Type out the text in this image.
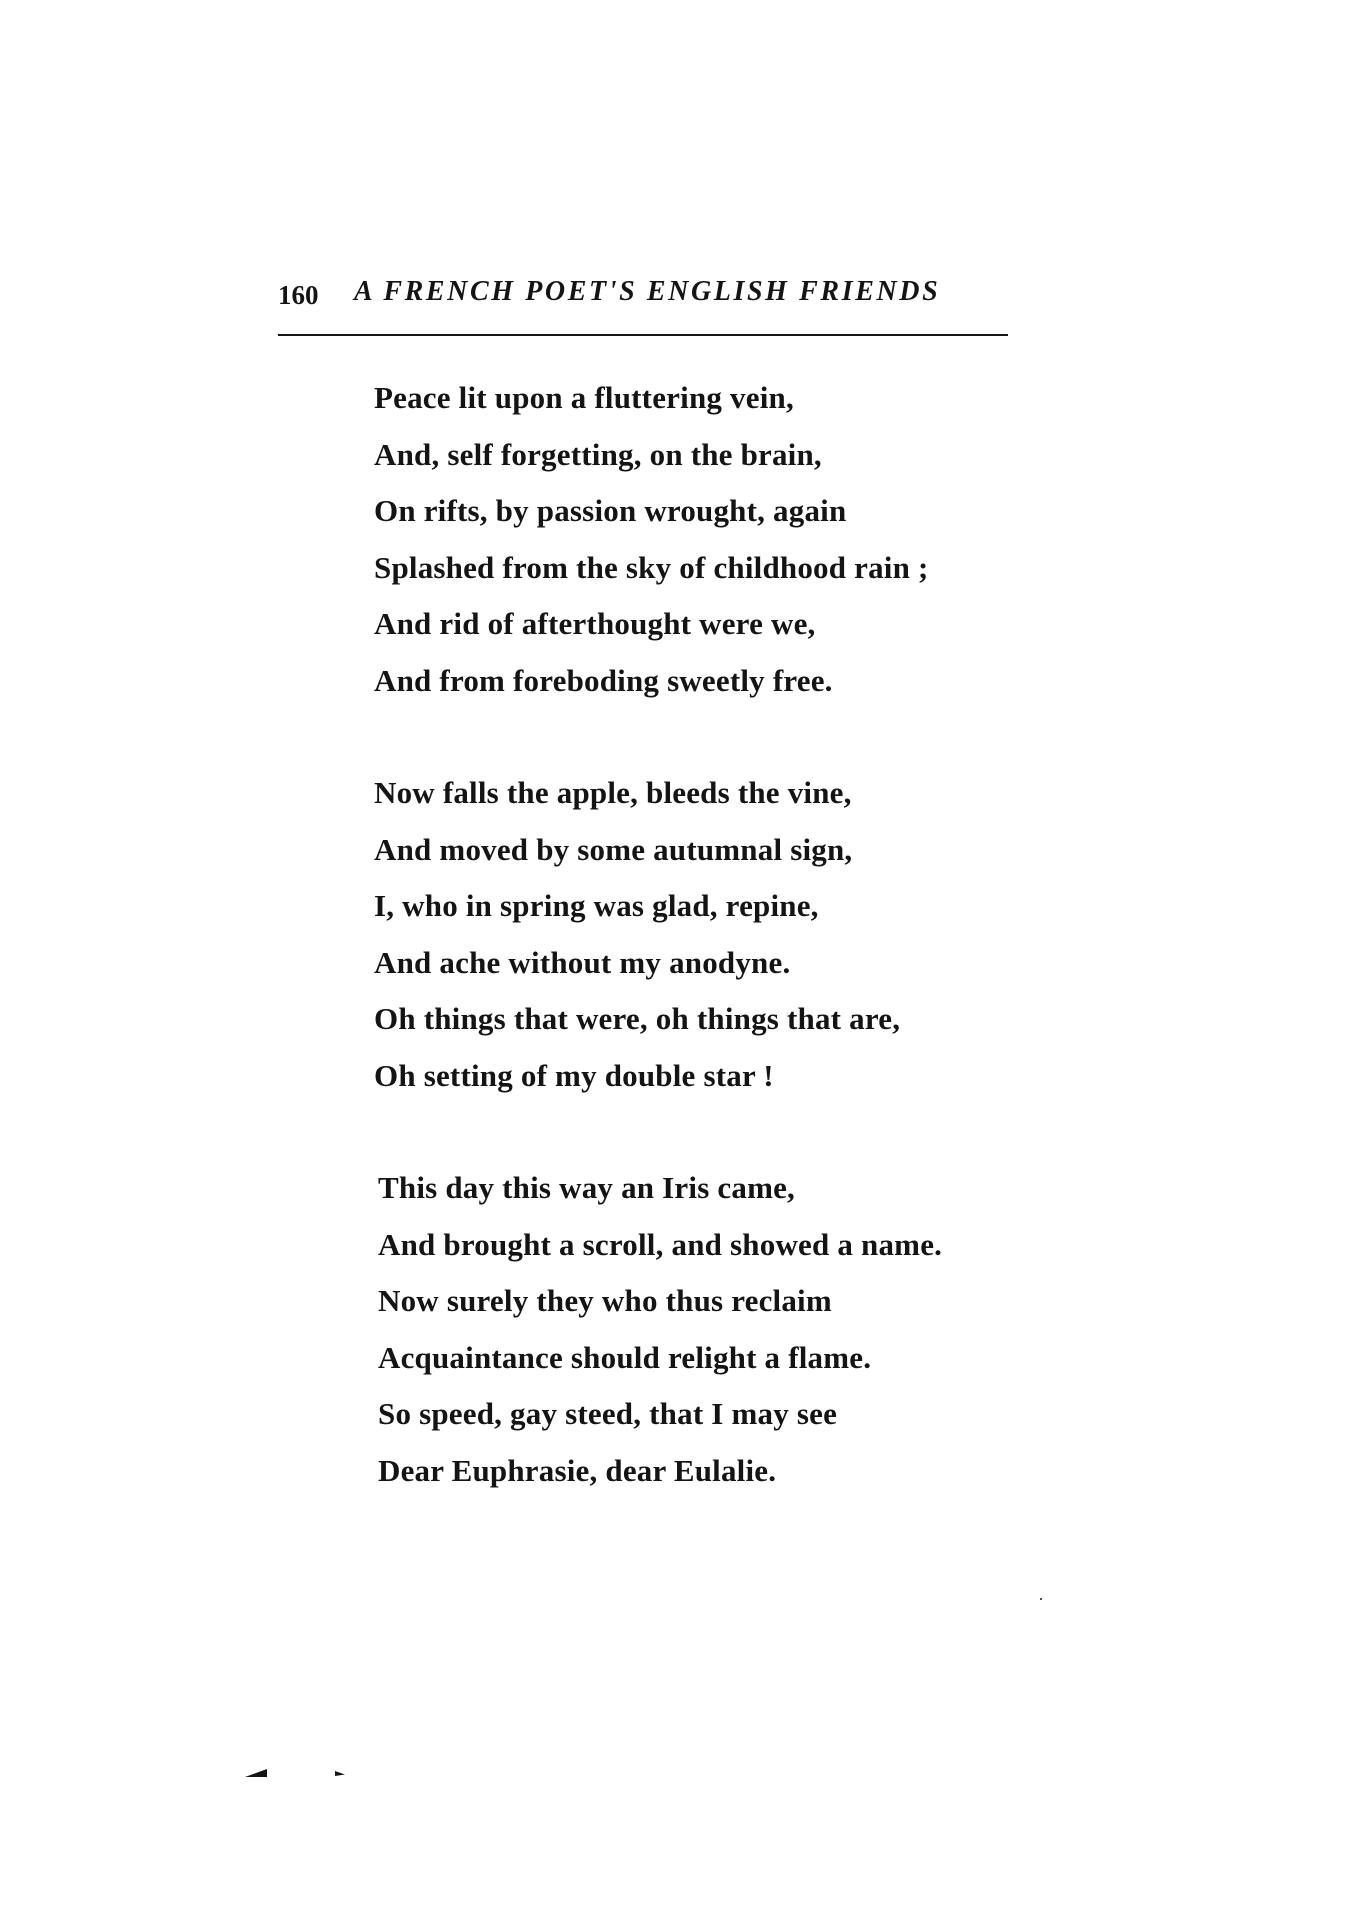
160 A FRENCH POET'S ENGLISH FRIENDS
Peace lit upon a fluttering vein,
And, self forgetting, on the brain,
On rifts, by passion wrought, again
Splashed from the sky of childhood rain ;
And rid of afterthought were we,
And from foreboding sweetly free.
Now falls the apple, bleeds the vine,
And moved by some autumnal sign,
I, who in spring was glad, repine,
And ache without my anodyne.
Oh things that were, oh things that are,
Oh setting of my double star !
This day this way an Iris came,
And brought a scroll, and showed a name.
Now surely they who thus reclaim
Acquaintance should relight a flame.
So speed, gay steed, that I may see
Dear Euphrasie, dear Eulalie.
